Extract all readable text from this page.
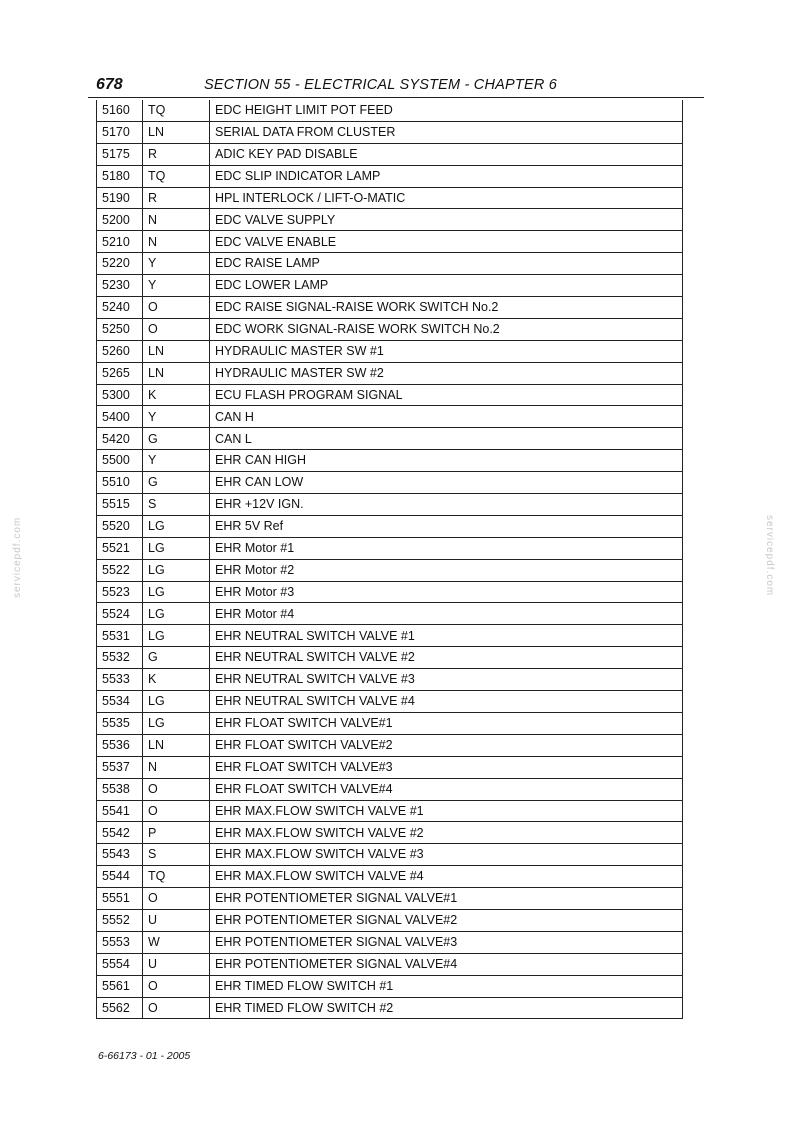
678	SECTION 55 - ELECTRICAL SYSTEM - CHAPTER 6
5160	TQ	EDC HEIGHT LIMIT POT FEED
5170	LN	SERIAL DATA FROM CLUSTER
5175	R	ADIC KEY PAD DISABLE
5180	TQ	EDC SLIP INDICATOR LAMP
5190	R	HPL INTERLOCK / LIFT-O-MATIC
5200	N	EDC VALVE SUPPLY
5210	N	EDC VALVE ENABLE
5220	Y	EDC RAISE LAMP
5230	Y	EDC LOWER LAMP
5240	O	EDC RAISE SIGNAL-RAISE WORK SWITCH No.2
5250	O	EDC WORK SIGNAL-RAISE WORK SWITCH No.2
5260	LN	HYDRAULIC MASTER SW #1
5265	LN	HYDRAULIC MASTER SW #2
5300	K	ECU FLASH PROGRAM SIGNAL
5400	Y	CAN H
5420	G	CAN L
5500	Y	EHR CAN HIGH
5510	G	EHR CAN LOW
5515	S	EHR +12V IGN.
5520	LG	EHR 5V Ref
5521	LG	EHR Motor #1
5522	LG	EHR Motor #2
5523	LG	EHR Motor #3
5524	LG	EHR Motor #4
5531	LG	EHR NEUTRAL SWITCH VALVE #1
5532	G	EHR NEUTRAL SWITCH VALVE #2
5533	K	EHR NEUTRAL SWITCH VALVE #3
5534	LG	EHR NEUTRAL SWITCH VALVE #4
5535	LG	EHR FLOAT SWITCH VALVE#1
5536	LN	EHR FLOAT SWITCH VALVE#2
5537	N	EHR FLOAT SWITCH VALVE#3
5538	O	EHR FLOAT SWITCH VALVE#4
5541	O	EHR MAX.FLOW SWITCH VALVE #1
5542	P	EHR MAX.FLOW SWITCH VALVE #2
5543	S	EHR MAX.FLOW SWITCH VALVE #3
5544	TQ	EHR MAX.FLOW SWITCH VALVE #4
5551	O	EHR POTENTIOMETER SIGNAL VALVE#1
5552	U	EHR POTENTIOMETER SIGNAL VALVE#2
5553	W	EHR POTENTIOMETER SIGNAL VALVE#3
5554	U	EHR POTENTIOMETER SIGNAL VALVE#4
5561	O	EHR TIMED FLOW SWITCH #1
5562	O	EHR TIMED FLOW SWITCH #2
6-66173 - 01 - 2005
servicepdf.com	servicepdf.com
